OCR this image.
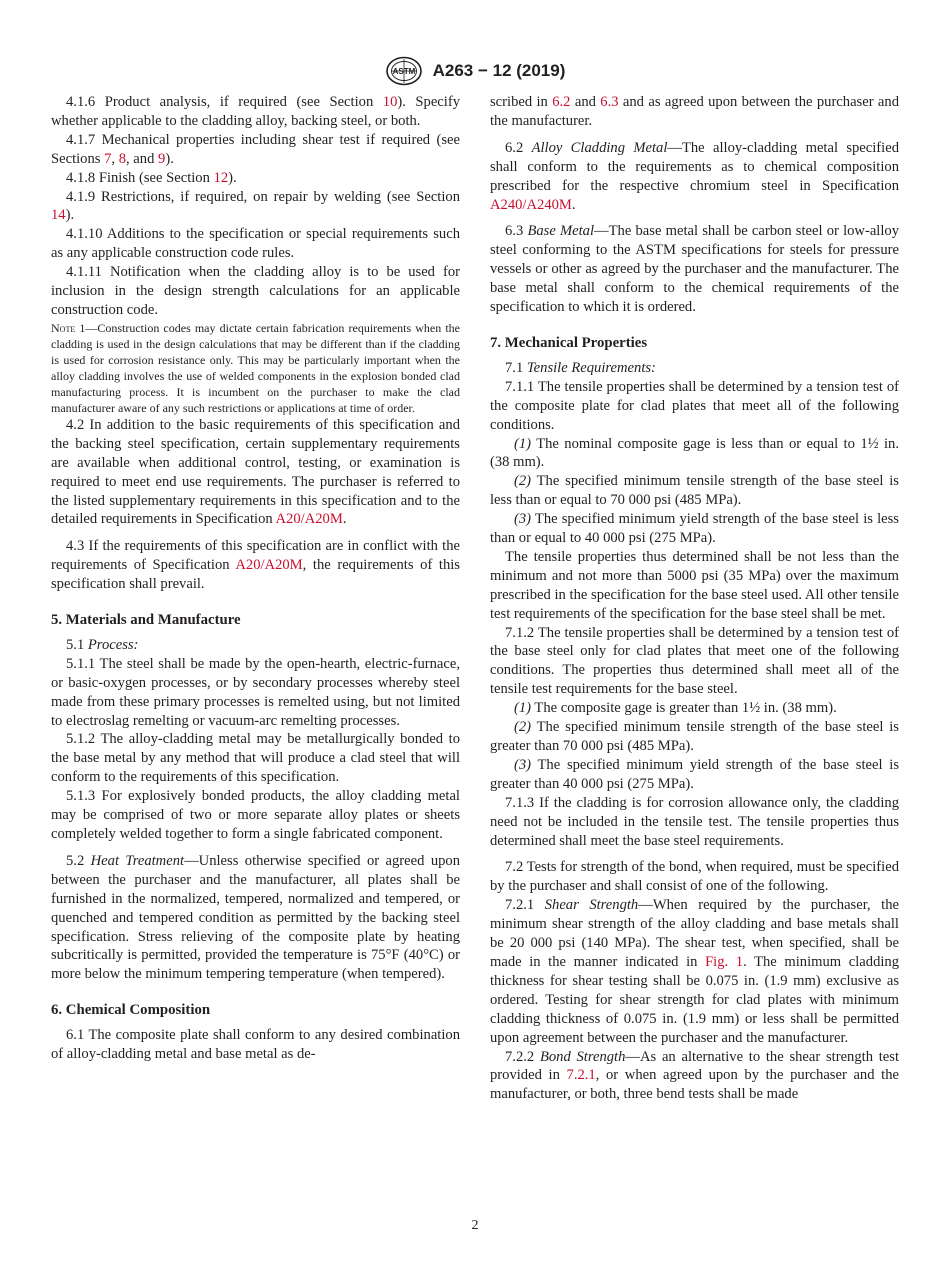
ASTM A263 − 12 (2019)

4.1.6 Product analysis, if required (see Section 10). Specify whether applicable to the cladding alloy, backing steel, or both.

4.1.7 Mechanical properties including shear test if required (see Sections 7, 8, and 9).

4.1.8 Finish (see Section 12).

4.1.9 Restrictions, if required, on repair by welding (see Section 14).

4.1.10 Additions to the specification or special requirements such as any applicable construction code rules.

4.1.11 Notification when the cladding alloy is to be used for inclusion in the design strength calculations for an applicable construction code.

Note 1—Construction codes may dictate certain fabrication requirements when the cladding is used in the design calculations that may be different than if the cladding is used for corrosion resistance only. This may be particularly important when the alloy cladding involves the use of welded components in the explosion bonded clad manufacturing process. It is incumbent on the purchaser to make the clad manufacturer aware of any such restrictions or applications at time of order.

4.2 In addition to the basic requirements of this specification and the backing steel specification, certain supplementary requirements are available when additional control, testing, or examination is required to meet end use requirements. The purchaser is referred to the listed supplementary requirements in this specification and to the detailed requirements in Specification A20/A20M.

4.3 If the requirements of this specification are in conflict with the requirements of Specification A20/A20M, the requirements of this specification shall prevail.

5. Materials and Manufacture

5.1 Process:

5.1.1 The steel shall be made by the open-hearth, electric-furnace, or basic-oxygen processes, or by secondary processes whereby steel made from these primary processes is remelted using, but not limited to electroslag remelting or vacuum-arc remelting processes.

5.1.2 The alloy-cladding metal may be metallurgically bonded to the base metal by any method that will produce a clad steel that will conform to the requirements of this specification.

5.1.3 For explosively bonded products, the alloy cladding metal may be comprised of two or more separate alloy plates or sheets completely welded together to form a single fabricated component.

5.2 Heat Treatment—Unless otherwise specified or agreed upon between the purchaser and the manufacturer, all plates shall be furnished in the normalized, tempered, normalized and tempered, or quenched and tempered condition as permitted by the backing steel specification. Stress relieving of the composite plate by heating subcritically is permitted, provided the temperature is 75°F (40°C) or more below the minimum tempering temperature (when tempered).

6. Chemical Composition

6.1 The composite plate shall conform to any desired combination of alloy-cladding metal and base metal as de-

scribed in 6.2 and 6.3 and as agreed upon between the purchaser and the manufacturer.

6.2 Alloy Cladding Metal—The alloy-cladding metal specified shall conform to the requirements as to chemical composition prescribed for the respective chromium steel in Specification A240/A240M.

6.3 Base Metal—The base metal shall be carbon steel or low-alloy steel conforming to the ASTM specifications for steels for pressure vessels or other as agreed by the purchaser and the manufacturer. The base metal shall conform to the chemical requirements of the specification to which it is ordered.

7. Mechanical Properties

7.1 Tensile Requirements:

7.1.1 The tensile properties shall be determined by a tension test of the composite plate for clad plates that meet all of the following conditions.

(1) The nominal composite gage is less than or equal to 1½ in. (38 mm).

(2) The specified minimum tensile strength of the base steel is less than or equal to 70 000 psi (485 MPa).

(3) The specified minimum yield strength of the base steel is less than or equal to 40 000 psi (275 MPa).

The tensile properties thus determined shall be not less than the minimum and not more than 5000 psi (35 MPa) over the maximum prescribed in the specification for the base steel used. All other tensile test requirements of the specification for the base steel shall be met.

7.1.2 The tensile properties shall be determined by a tension test of the base steel only for clad plates that meet one of the following conditions. The properties thus determined shall meet all of the tensile test requirements for the base steel.

(1) The composite gage is greater than 1½ in. (38 mm).

(2) The specified minimum tensile strength of the base steel is greater than 70 000 psi (485 MPa).

(3) The specified minimum yield strength of the base steel is greater than 40 000 psi (275 MPa).

7.1.3 If the cladding is for corrosion allowance only, the cladding need not be included in the tensile test. The tensile properties thus determined shall meet the base steel requirements.

7.2 Tests for strength of the bond, when required, must be specified by the purchaser and shall consist of one of the following.

7.2.1 Shear Strength—When required by the purchaser, the minimum shear strength of the alloy cladding and base metals shall be 20 000 psi (140 MPa). The shear test, when specified, shall be made in the manner indicated in Fig. 1. The minimum cladding thickness for shear testing shall be 0.075 in. (1.9 mm) exclusive as ordered. Testing for shear strength for clad plates with minimum cladding thickness of 0.075 in. (1.9 mm) or less shall be permitted upon agreement between the purchaser and the manufacturer.

7.2.2 Bond Strength—As an alternative to the shear strength test provided in 7.2.1, or when agreed upon by the purchaser and the manufacturer, or both, three bend tests shall be made

2
